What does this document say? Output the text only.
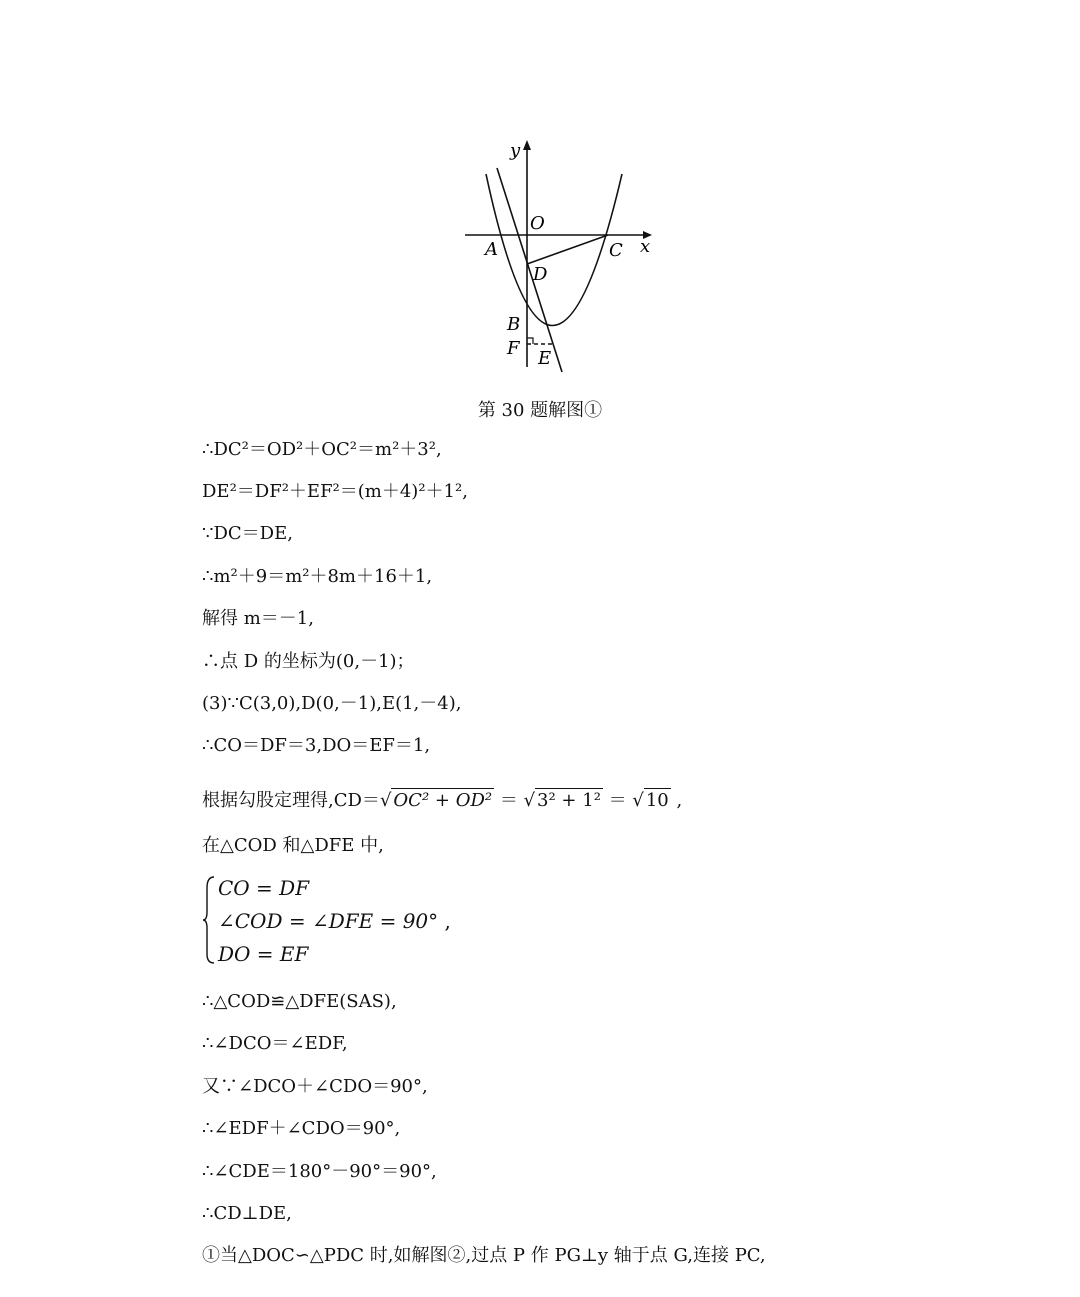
y
x
O
A	C
D
B
F E
第 30 题解图①
∴DC²＝OD²＋OC²＝m²＋3²,
DE²＝DF²＋EF²＝(m＋4)²＋1²,
∵DC＝DE,
∴m²＋9＝m²＋8m＋16＋1,
解得 m＝－1,
∴点 D 的坐标为(0,－1)；
(3)∵C(3,0),D(0,－1),E(1,－4),
∴CO＝DF＝3,DO＝EF＝1,
根据勾股定理得,CD＝√ OC² + OD² ＝ √ 3² + 1² ＝ √ 10 ,
在△COD 和△DFE 中,
CO = DF
∠COD = ∠DFE = 90° ,
DO = EF
∴△COD≌△DFE(SAS),
∴∠DCO＝∠EDF,
又∵∠DCO＋∠CDO＝90°,
∴∠EDF＋∠CDO＝90°,
∴∠CDE＝180°－90°＝90°,
∴CD⊥DE,
①当△DOC∽△PDC 时,如解图②,过点 P 作 PG⊥y 轴于点 G,连接 PC,
